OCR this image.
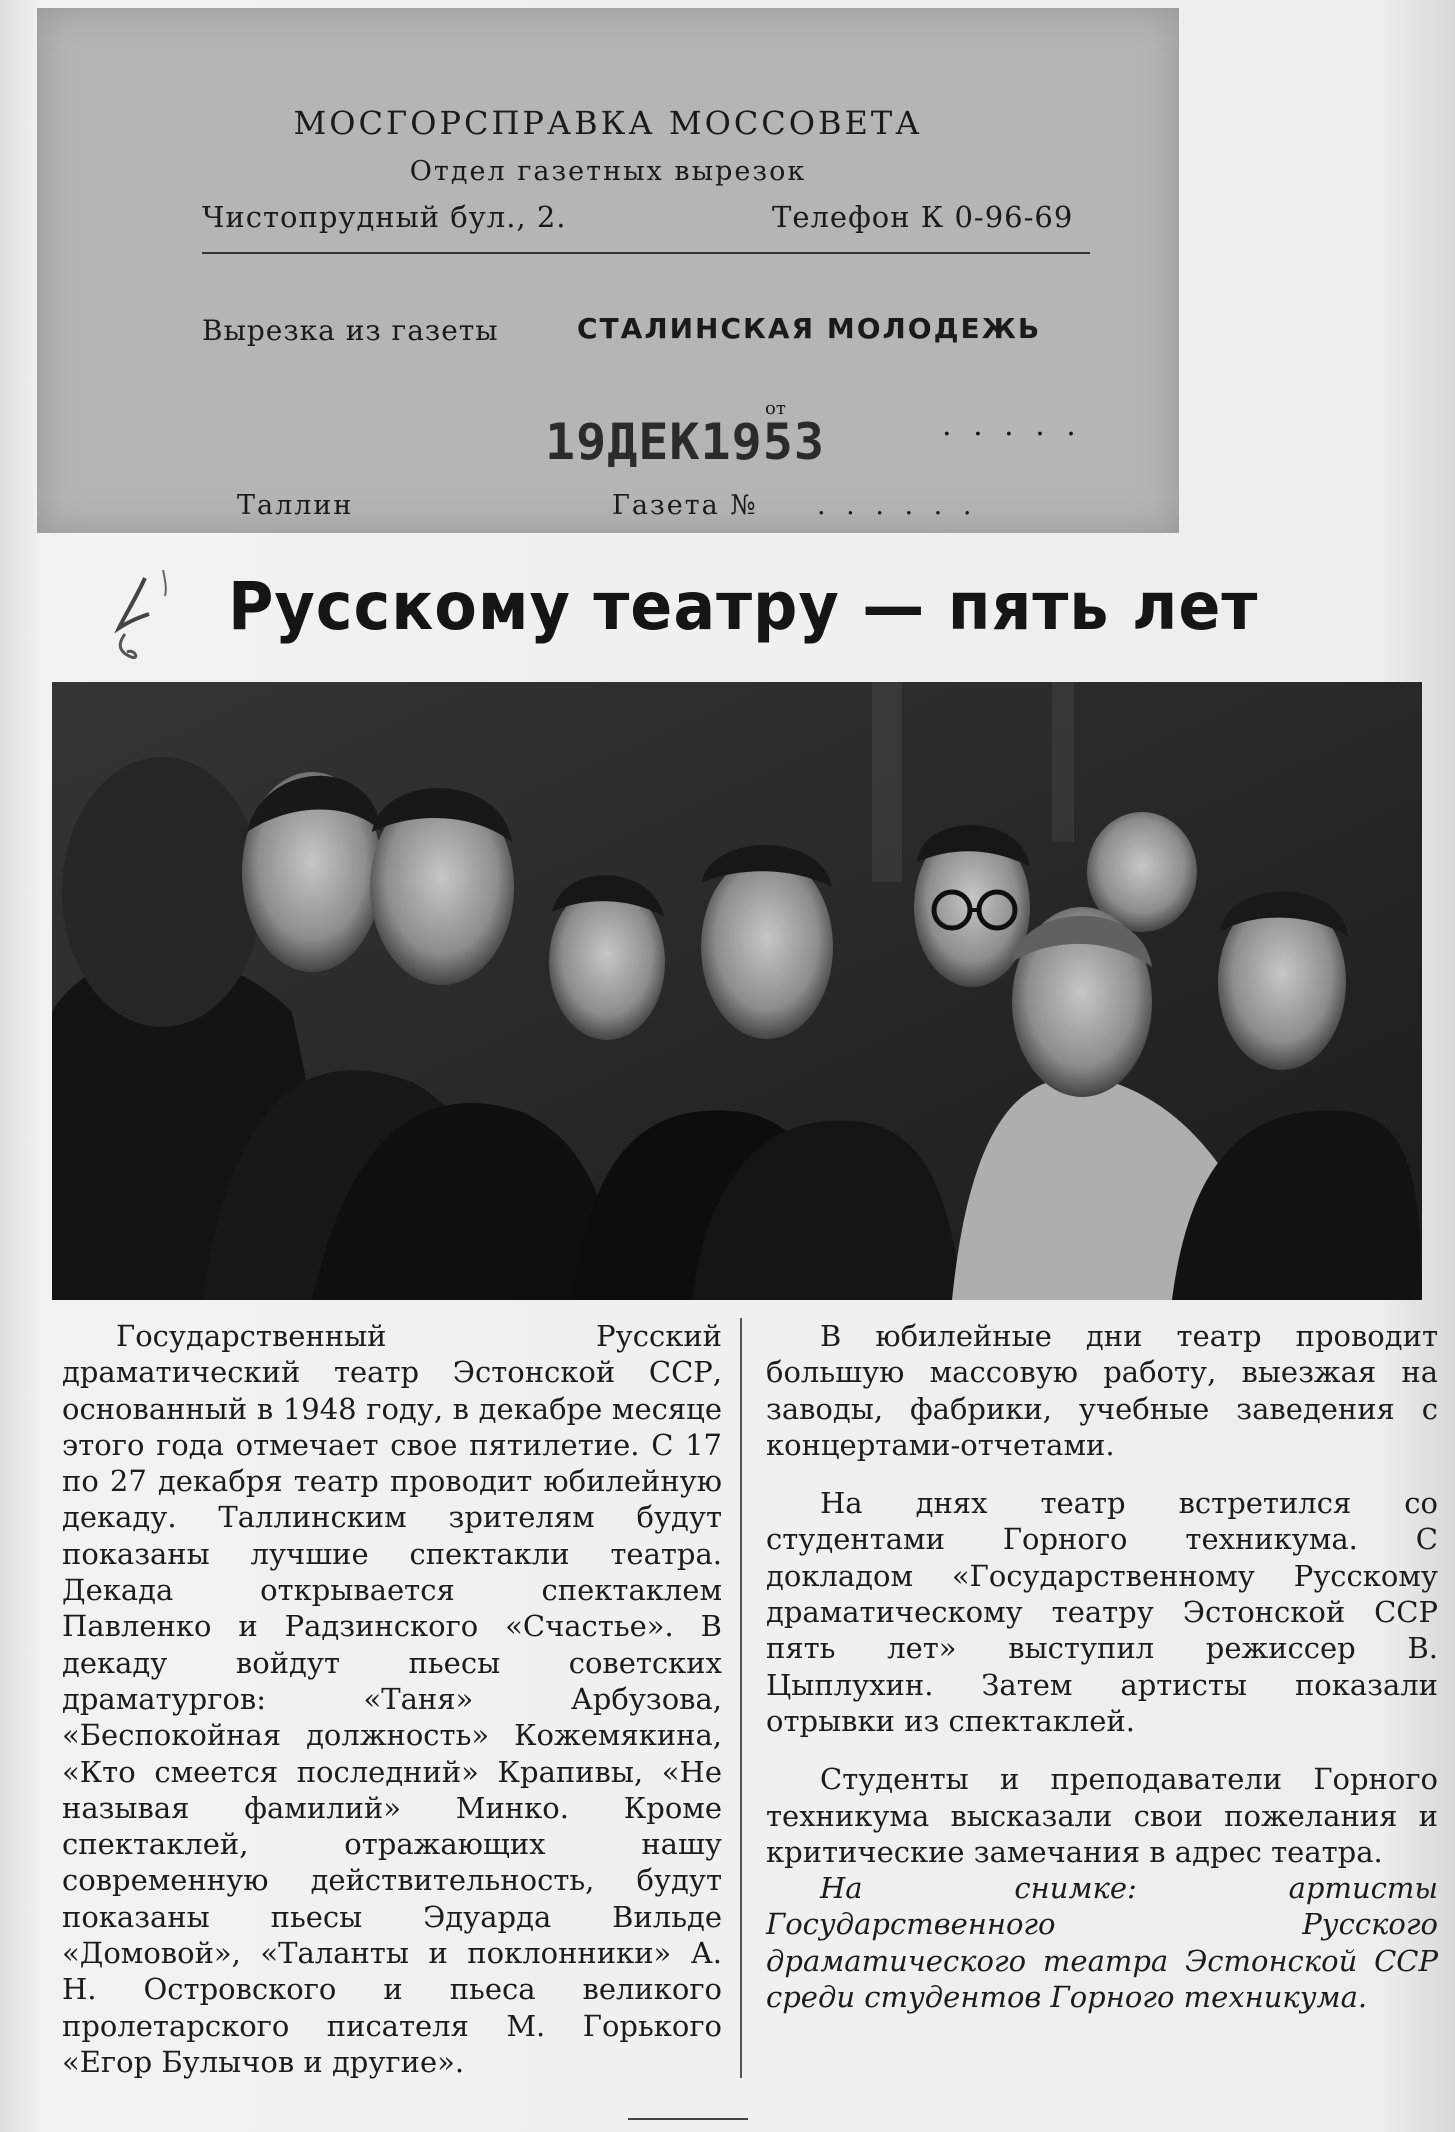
МОСГОРСПРАВКА МОССОВЕТА
Отдел газетных вырезок
Чистопрудный бул., 2.	Телефон К 0-96-69
Вырезка из газеты	СТАЛИНСКАЯ МОЛОДЕЖЬ
от
19ДЕК1953	. . . . .
Таллин	Газета № . . . . . .
Русскому театру — пять лет

Государственный Русский драматический театр Эстонской ССР, основанный в 1948 году, в декабре месяце этого года отмечает свое пятилетие. С 17 по 27 декабря театр проводит юбилейную декаду. Таллинским зрителям будут показаны лучшие спектакли театра. Декада открывается спектаклем Павленко и Радзинского «Счастье». В декаду войдут пьесы советских драматургов: «Таня» Арбузова, «Беспокойная должность» Кожемякина, «Кто смеется последний» Крапивы, «Не называя фамилий» Минко. Кроме спектаклей, отражающих нашу современную действительность, будут показаны пьесы Эдуарда Вильде «Домовой», «Таланты и поклонники» А. Н. Островского и пьеса великого пролетарского писателя М. Горького «Егор Булычов и другие».

В юбилейные дни театр проводит большую массовую работу, выезжая на заводы, фабрики, учебные заведения с концертами-отчетами.

На днях театр встретился со студентами Горного техникума. С докладом «Государственному Русскому драматическому театру Эстонской ССР пять лет» выступил режиссер В. Цыплухин. Затем артисты показали отрывки из спектаклей.

Студенты и преподаватели Горного техникума высказали свои пожелания и критические замечания в адрес театра.

На снимке: артисты Государственного Русского драматического театра Эстонской ССР среди студентов Горного техникума.
